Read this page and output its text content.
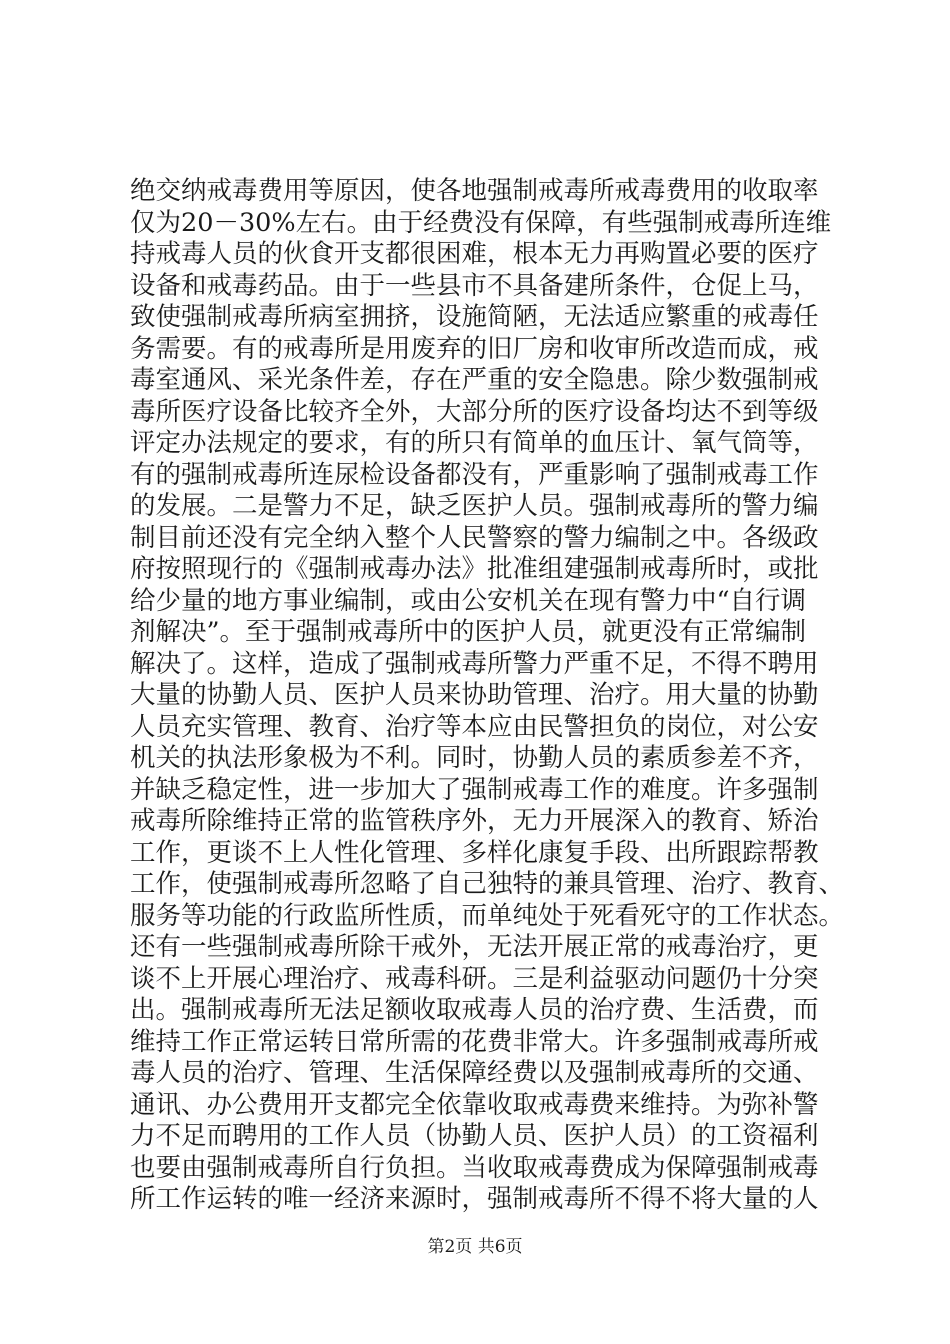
绝交纳戒毒费用等原因，使各地强制戒毒所戒毒费用的收取率
仅为20－30%左右。由于经费没有保障，有些强制戒毒所连维
持戒毒人员的伙食开支都很困难，根本无力再购置必要的医疗
设备和戒毒药品。由于一些县市不具备建所条件，仓促上马，
致使强制戒毒所病室拥挤，设施简陋，无法适应繁重的戒毒任
务需要。有的戒毒所是用废弃的旧厂房和收审所改造而成，戒
毒室通风、采光条件差，存在严重的安全隐患。除少数强制戒
毒所医疗设备比较齐全外，大部分所的医疗设备均达不到等级
评定办法规定的要求，有的所只有简单的血压计、氧气筒等，
有的强制戒毒所连尿检设备都没有，严重影响了强制戒毒工作
的发展。二是警力不足，缺乏医护人员。强制戒毒所的警力编
制目前还没有完全纳入整个人民警察的警力编制之中。各级政
府按照现行的《强制戒毒办法》批准组建强制戒毒所时，或批
给少量的地方事业编制，或由公安机关在现有警力中“自行调
剂解决”。至于强制戒毒所中的医护人员，就更没有正常编制
解决了。这样，造成了强制戒毒所警力严重不足，不得不聘用
大量的协勤人员、医护人员来协助管理、治疗。用大量的协勤
人员充实管理、教育、治疗等本应由民警担负的岗位，对公安
机关的执法形象极为不利。同时，协勤人员的素质参差不齐，
并缺乏稳定性，进一步加大了强制戒毒工作的难度。许多强制
戒毒所除维持正常的监管秩序外，无力开展深入的教育、矫治
工作，更谈不上人性化管理、多样化康复手段、出所跟踪帮教
工作，使强制戒毒所忽略了自己独特的兼具管理、治疗、教育、
服务等功能的行政监所性质，而单纯处于死看死守的工作状态。
还有一些强制戒毒所除干戒外，无法开展正常的戒毒治疗，更
谈不上开展心理治疗、戒毒科研。三是利益驱动问题仍十分突
出。强制戒毒所无法足额收取戒毒人员的治疗费、生活费，而
维持工作正常运转日常所需的花费非常大。许多强制戒毒所戒
毒人员的治疗、管理、生活保障经费以及强制戒毒所的交通、
通讯、办公费用开支都完全依靠收取戒毒费来维持。为弥补警
力不足而聘用的工作人员（协勤人员、医护人员）的工资福利
也要由强制戒毒所自行负担。当收取戒毒费成为保障强制戒毒
所工作运转的唯一经济来源时，强制戒毒所不得不将大量的人
第2页 共6页
